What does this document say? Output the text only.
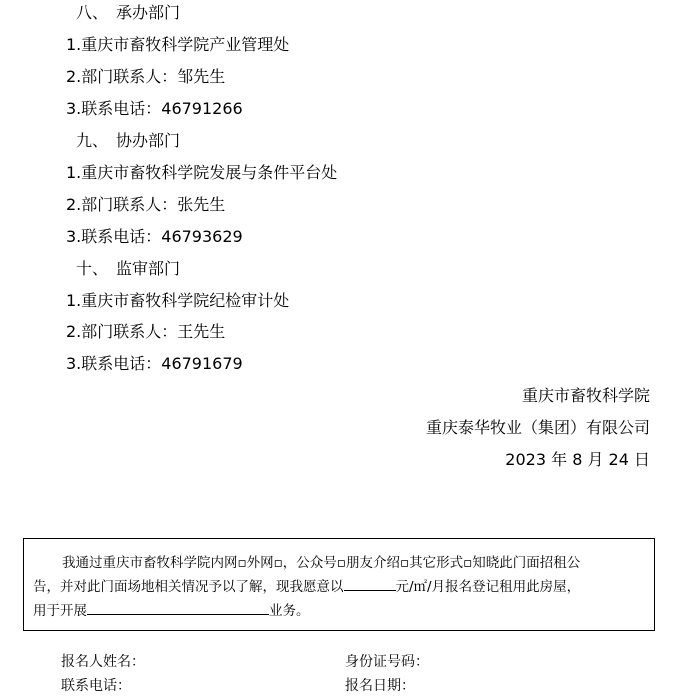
八、 承办部门
1.重庆市畜牧科学院产业管理处
2.部门联系人：邹先生
3.联系电话：46791266
九、 协办部门
1.重庆市畜牧科学院发展与条件平台处
2.部门联系人：张先生
3.联系电话：46793629
十、 监审部门
1.重庆市畜牧科学院纪检审计处
2.部门联系人：王先生
3.联系电话：46791679
重庆市畜牧科学院
重庆泰华牧业（集团）有限公司
2023 年 8 月 24 日

我通过重庆市畜牧科学院内网▫外网▫，公众号▫朋友介绍▫其它形式▫知晓此门面招租公

告，并对此门面场地相关情况予以了解，现我愿意以	元/㎡/月报名登记租用此房屋，

用于开展	业务。

报名人姓名：	身份证号码：
联系电话：	报名日期：
